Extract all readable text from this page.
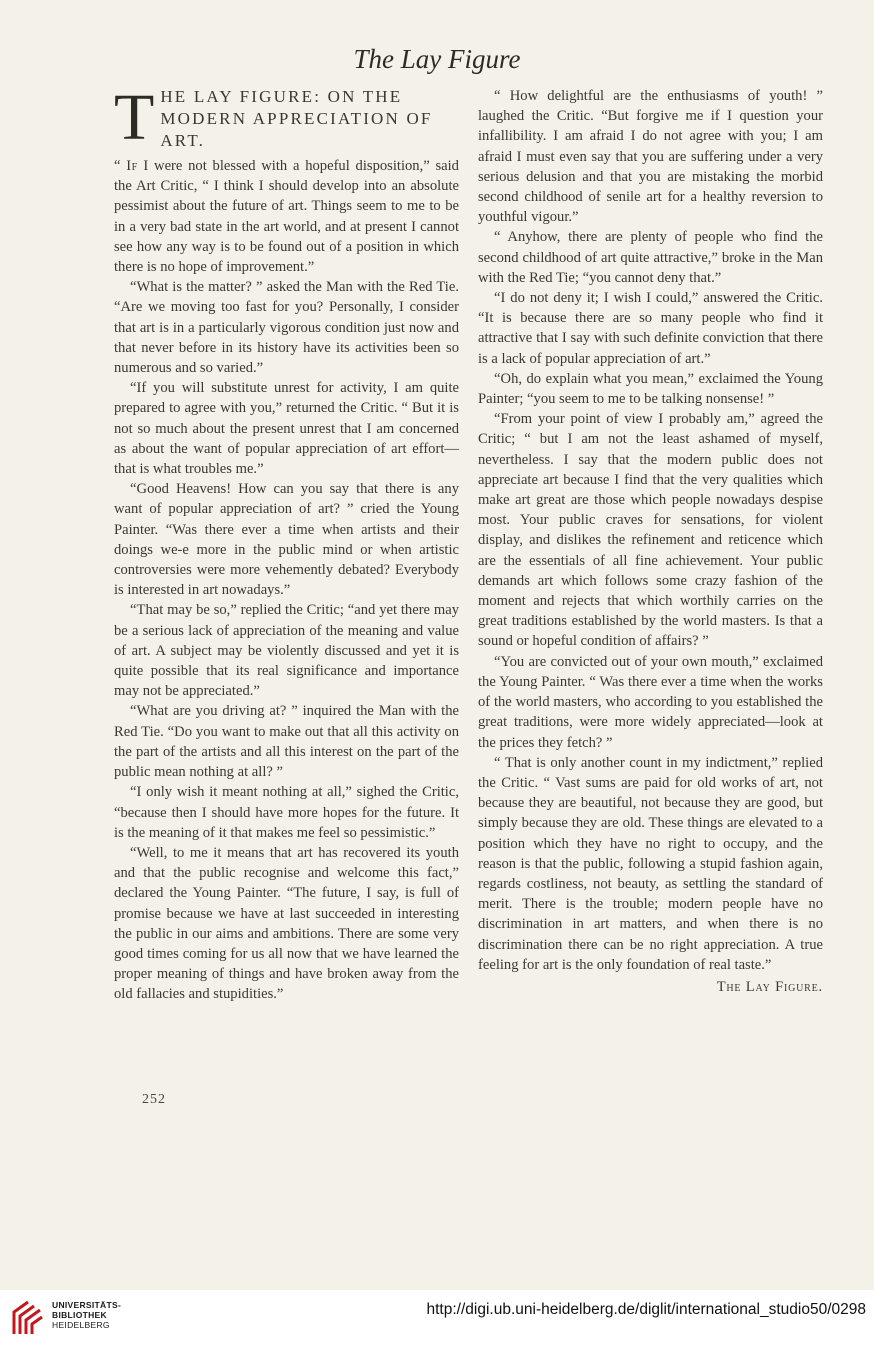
The Lay Figure
THE LAY FIGURE: ON THE MODERN APPRECIATION OF ART.

“ If I were not blessed with a hopeful disposition,” said the Art Critic, “ I think I should develop into an absolute pessimist about the future of art. Things seem to me to be in a very bad state in the art world, and at present I cannot see how any way is to be found out of a position in which there is no hope of improvement.”

“What is the matter? ” asked the Man with the Red Tie. “Are we moving too fast for you? Personally, I consider that art is in a particularly vigorous condition just now and that never before in its history have its activities been so numerous and so varied.”

“If you will substitute unrest for activity, I am quite prepared to agree with you,” returned the Critic. “ But it is not so much about the present unrest that I am concerned as about the want of popular appreciation of art effort—that is what troubles me.”

“Good Heavens! How can you say that there is any want of popular appreciation of art? ” cried the Young Painter. “Was there ever a time when artists and their doings we-e more in the public mind or when artistic controversies were more vehemently debated? Everybody is interested in art nowadays.”

“That may be so,” replied the Critic; “and yet there may be a serious lack of appreciation of the meaning and value of art. A subject may be violently discussed and yet it is quite possible that its real significance and importance may not be appreciated.”

“What are you driving at? ” inquired the Man with the Red Tie. “Do you want to make out that all this activity on the part of the artists and all this interest on the part of the public mean nothing at all? ”

“I only wish it meant nothing at all,” sighed the Critic, “because then I should have more hopes for the future. It is the meaning of it that makes me feel so pessimistic.”

“Well, to me it means that art has recovered its youth and that the public recognise and welcome this fact,” declared the Young Painter. “The future, I say, is full of promise because we have at last succeeded in interesting the public in our aims and ambitions. There are some very good times coming for us all now that we have learned the proper meaning of things and have broken away from the old fallacies and stupidities.”

“ How delightful are the enthusiasms of youth! ” laughed the Critic. “But forgive me if I question your infallibility. I am afraid I do not agree with you; I am afraid I must even say that you are suffering under a very serious delusion and that you are mistaking the morbid second childhood of senile art for a healthy reversion to youthful vigour.”

“ Anyhow, there are plenty of people who find the second childhood of art quite attractive,” broke in the Man with the Red Tie; “you cannot deny that.”

“I do not deny it; I wish I could,” answered the Critic. “It is because there are so many people who find it attractive that I say with such definite conviction that there is a lack of popular appreciation of art.”

“Oh, do explain what you mean,” exclaimed the Young Painter; “you seem to me to be talking nonsense! ”

“From your point of view I probably am,” agreed the Critic; “ but I am not the least ashamed of myself, nevertheless. I say that the modern public does not appreciate art because I find that the very qualities which make art great are those which people nowadays despise most. Your public craves for sensations, for violent display, and dislikes the refinement and reticence which are the essentials of all fine achievement. Your public demands art which follows some crazy fashion of the moment and rejects that which worthily carries on the great traditions established by the world masters. Is that a sound or hopeful condition of affairs? ”

“You are convicted out of your own mouth,” exclaimed the Young Painter. “ Was there ever a time when the works of the world masters, who according to you established the great traditions, were more widely appreciated—look at the prices they fetch? ”

“ That is only another count in my indictment,” replied the Critic. “ Vast sums are paid for old works of art, not because they are beautiful, not because they are good, but simply because they are old. These things are elevated to a position which they have no right to occupy, and the reason is that the public, following a stupid fashion again, regards costliness, not beauty, as settling the standard of merit. There is the trouble; modern people have no discrimination in art matters, and when there is no discrimination there can be no right appreciation. A true feeling for art is the only foundation of real taste.”

The Lay Figure.
252
UNIVERSITÄTS-
BIBLIOTHEK
HEIDELBERG
http://digi.ub.uni-heidelberg.de/diglit/international_studio50/0298
